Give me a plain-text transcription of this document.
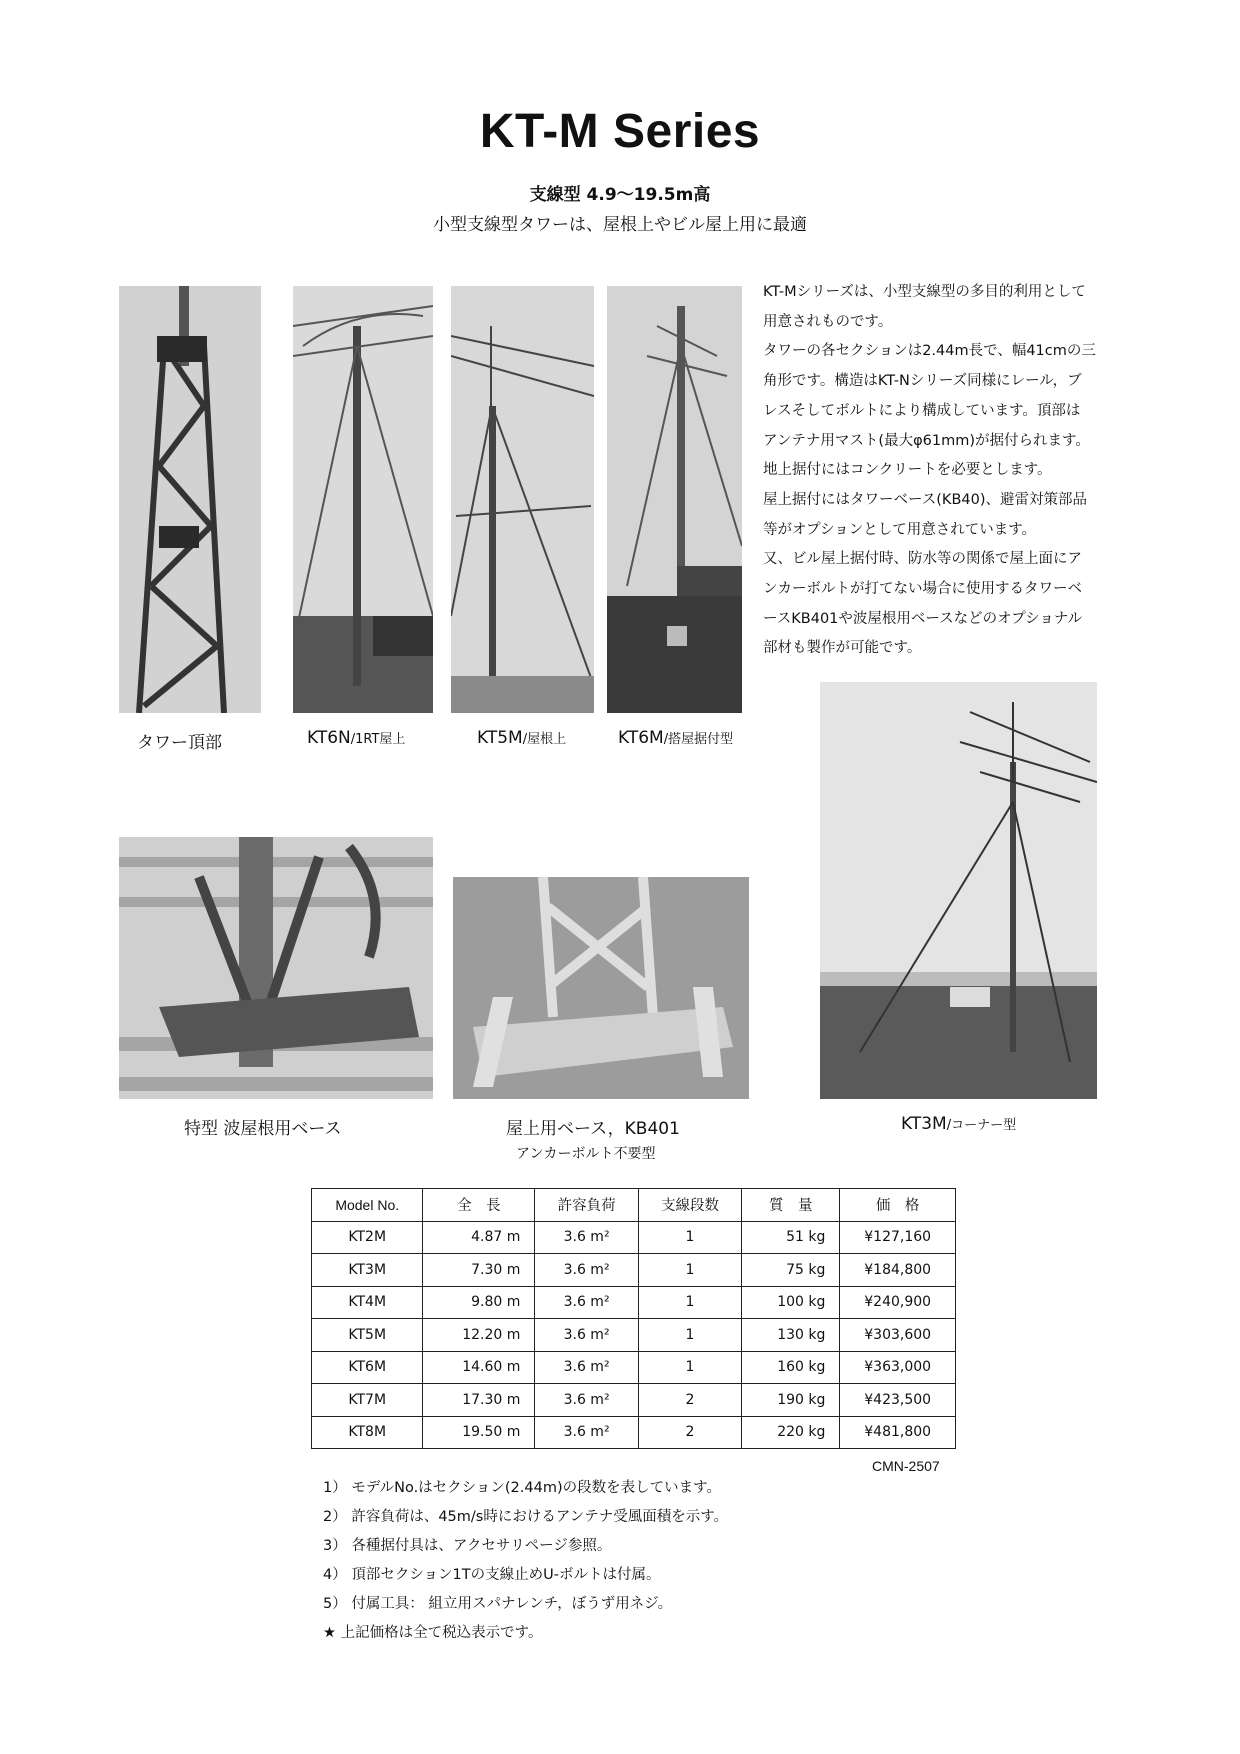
KT-M Series
支線型 4.9〜19.5m高
小型支線型タワーは、屋根上やビル屋上用に最適
タワー頂部	KT6N/1RT屋上	KT5M/屋根上	KT6M/搭屋据付型

KT-Mシリーズは、小型支線型の多目的利用として

用意されものです。

タワーの各セクションは2.44m長で、幅41cmの三

角形です。構造はKT-Nシリーズ同様にレール，ブ

レスそしてボルトにより構成しています。頂部は

アンテナ用マスト(最大φ61mm)が据付られます。

地上据付にはコンクリートを必要とします。

屋上据付にはタワーベース(KB40)、避雷対策部品

等がオプションとして用意されています。

又、ビル屋上据付時、防水等の関係で屋上面にア

ンカーボルトが打てない場合に使用するタワーベ

ースKB401や波屋根用ベースなどのオプショナル

部材も製作が可能です。

特型 波屋根用ベース	屋上用ベース，KB401
アンカーボルト不要型
KT3M/コーナー型
Model No.	全　長	許容負荷	支線段数	質　量	価　格
KT2M	4.87 m	3.6 m²	1	51 kg	¥127,160
KT3M	7.30 m	3.6 m²	1	75 kg	¥184,800
KT4M	9.80 m	3.6 m²	1	100 kg	¥240,900
KT5M	12.20 m	3.6 m²	1	130 kg	¥303,600
KT6M	14.60 m	3.6 m²	1	160 kg	¥363,000
KT7M	17.30 m	3.6 m²	2	190 kg	¥423,500
KT8M	19.50 m	3.6 m²	2	220 kg	¥481,800
CMN-2507

1） モデルNo.はセクション(2.44m)の段数を表しています。

2） 許容負荷は、45m/s時におけるアンテナ受風面積を示す。

3） 各種据付具は、アクセサリページ参照。

4） 頂部セクション1Tの支線止めU-ボルトは付属。

5） 付属工具： 組立用スパナレンチ，ぼうず用ネジ。

★ 上記価格は全て税込表示です。
